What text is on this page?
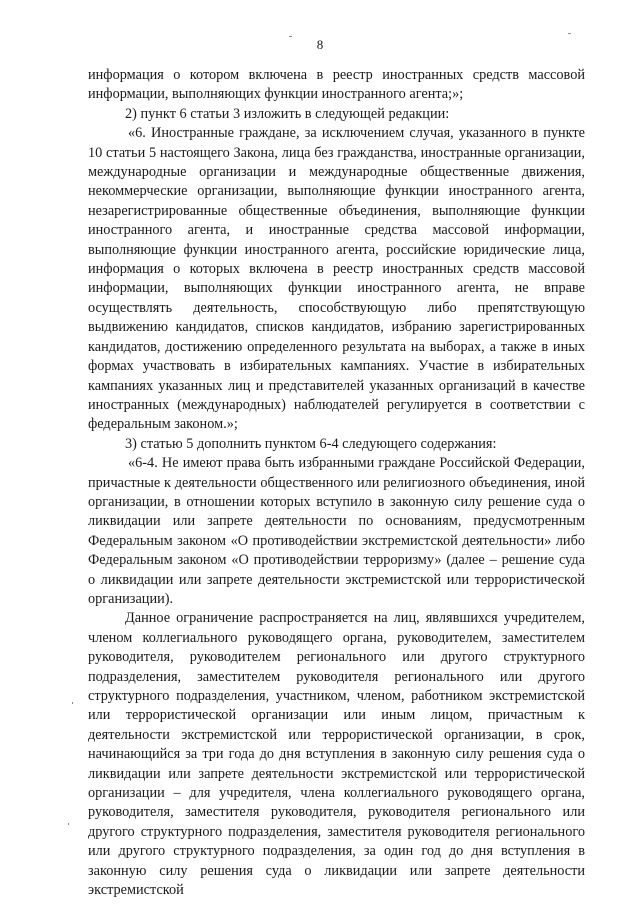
8

информация о котором включена в реестр иностранных средств массовой информации, выполняющих функции иностранного агента;»;

2) пункт 6 статьи 3 изложить в следующей редакции:

«6. Иностранные граждане, за исключением случая, указанного в пункте 10 статьи 5 настоящего Закона, лица без гражданства, иностранные организации, международные организации и международные общественные движения, некоммерческие организации, выполняющие функции иностранного агента, незарегистрированные общественные объединения, выполняющие функции иностранного агента, и иностранные средства массовой информации, выполняющие функции иностранного агента, российские юридические лица, информация о которых включена в реестр иностранных средств массовой информации, выполняющих функции иностранного агента, не вправе осуществлять деятельность, способствующую либо препятствующую выдвижению кандидатов, списков кандидатов, избранию зарегистрированных кандидатов, достижению определенного результата на выборах, а также в иных формах участвовать в избирательных кампаниях. Участие в избирательных кампаниях указанных лиц и представителей указанных организаций в качестве иностранных (международных) наблюдателей регулируется в соответствии с федеральным законом.»;

3) статью 5 дополнить пунктом 6-4 следующего содержания:

«6-4. Не имеют права быть избранными граждане Российской Федерации, причастные к деятельности общественного или религиозного объединения, иной организации, в отношении которых вступило в законную силу решение суда о ликвидации или запрете деятельности по основаниям, предусмотренным Федеральным законом «О противодействии экстремистской деятельности» либо Федеральным законом «О противодействии терроризму» (далее – решение суда о ликвидации или запрете деятельности экстремистской или террористической организации).

Данное ограничение распространяется на лиц, являвшихся учредителем, членом коллегиального руководящего органа, руководителем, заместителем руководителя, руководителем регионального или другого структурного подразделения, заместителем руководителя регионального или другого структурного подразделения, участником, членом, работником экстремистской или террористической организации или иным лицом, причастным к деятельности экстремистской или террористической организации, в срок, начинающийся за три года до дня вступления в законную силу решения суда о ликвидации или запрете деятельности экстремистской или террористической организации – для учредителя, члена коллегиального руководящего органа, руководителя, заместителя руководителя, руководителя регионального или другого структурного подразделения, заместителя руководителя регионального или другого структурного подразделения, за один год до дня вступления в законную силу решения суда о ликвидации или запрете деятельности экстремистской
